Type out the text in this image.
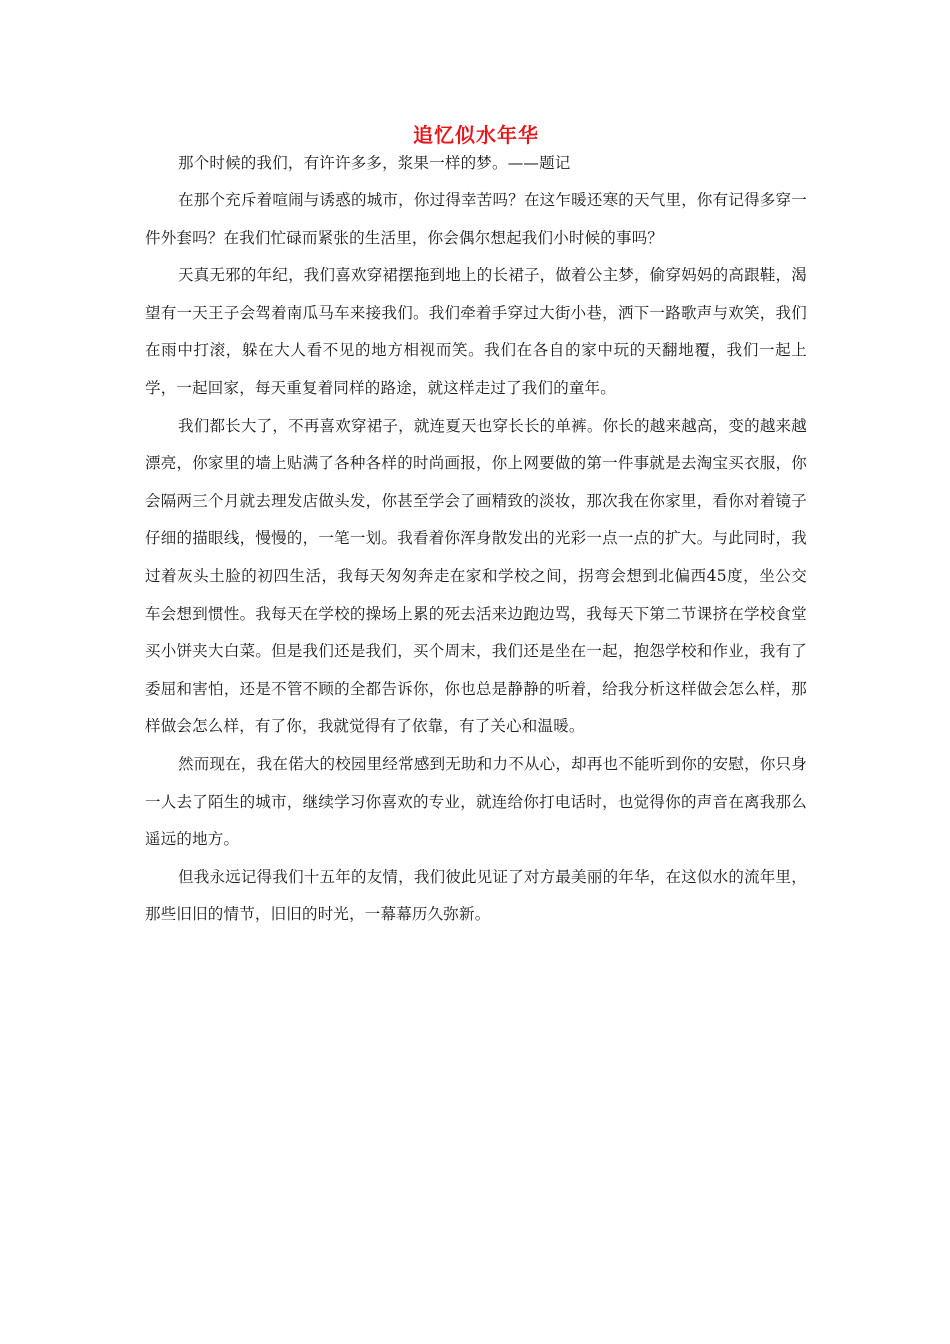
追忆似水年华

那个时候的我们，有许许多多，浆果一样的梦。——题记

在那个充斥着喧闹与诱惑的城市，你过得幸苦吗？在这乍暖还寒的天气里，你有记得多穿一件外套吗？在我们忙碌而紧张的生活里，你会偶尔想起我们小时候的事吗？

天真无邪的年纪，我们喜欢穿裙摆拖到地上的长裙子，做着公主梦，偷穿妈妈的高跟鞋，渴望有一天王子会驾着南瓜马车来接我们。我们牵着手穿过大街小巷，洒下一路歌声与欢笑，我们在雨中打滚，躲在大人看不见的地方相视而笑。我们在各自的家中玩的天翻地覆，我们一起上学，一起回家，每天重复着同样的路途，就这样走过了我们的童年。

我们都长大了，不再喜欢穿裙子，就连夏天也穿长长的单裤。你长的越来越高，变的越来越漂亮，你家里的墙上贴满了各种各样的时尚画报，你上网要做的第一件事就是去淘宝买衣服，你会隔两三个月就去理发店做头发，你甚至学会了画精致的淡妆，那次我在你家里，看你对着镜子仔细的描眼线，慢慢的，一笔一划。我看着你浑身散发出的光彩一点一点的扩大。与此同时，我过着灰头土脸的初四生活，我每天匆匆奔走在家和学校之间，拐弯会想到北偏西45度，坐公交车会想到惯性。我每天在学校的操场上累的死去活来边跑边骂，我每天下第二节课挤在学校食堂买小饼夹大白菜。但是我们还是我们，买个周末，我们还是坐在一起，抱怨学校和作业，我有了委屈和害怕，还是不管不顾的全都告诉你，你也总是静静的听着，给我分析这样做会怎么样，那样做会怎么样，有了你，我就觉得有了依靠，有了关心和温暖。

然而现在，我在偌大的校园里经常感到无助和力不从心，却再也不能听到你的安慰，你只身一人去了陌生的城市，继续学习你喜欢的专业，就连给你打电话时，也觉得你的声音在离我那么遥远的地方。

但我永远记得我们十五年的友情，我们彼此见证了对方最美丽的年华，在这似水的流年里，那些旧旧的情节，旧旧的时光，一幕幕历久弥新。
